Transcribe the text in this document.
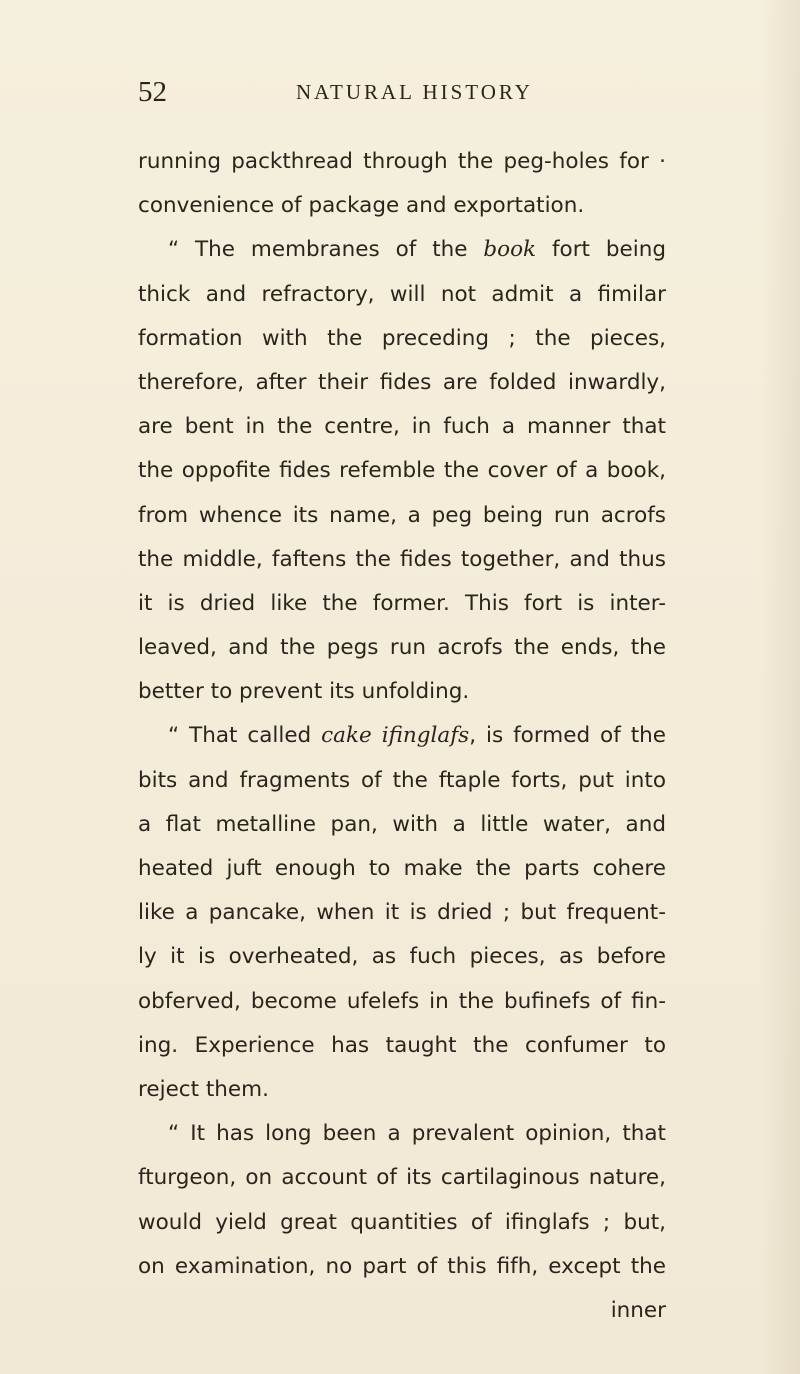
52	NATURAL HISTORY
running packthread through the peg-holes for ·
convenience of package and exportation.
“ The membranes of the book fort being
thick and refractory, will not admit a fimilar
formation with the preceding ; the pieces,
therefore, after their fides are folded inwardly,
are bent in the centre, in fuch a manner that
the oppofite fides refemble the cover of a book,
from whence its name, a peg being run acrofs
the middle, faftens the fides together, and thus
it is dried like the former. This fort is inter-
leaved, and the pegs run acrofs the ends, the
better to prevent its unfolding.
“ That called cake ifinglafs, is formed of the
bits and fragments of the ftaple forts, put into
a flat metalline pan, with a little water, and
heated juft enough to make the parts cohere
like a pancake, when it is dried ; but frequent-
ly it is overheated, as fuch pieces, as before
obferved, become ufelefs in the bufinefs of fin-
ing. Experience has taught the confumer to
reject them.
“ It has long been a prevalent opinion, that
fturgeon, on account of its cartilaginous nature,
would yield great quantities of ifinglafs ; but,
on examination, no part of this fifh, except the
inner
